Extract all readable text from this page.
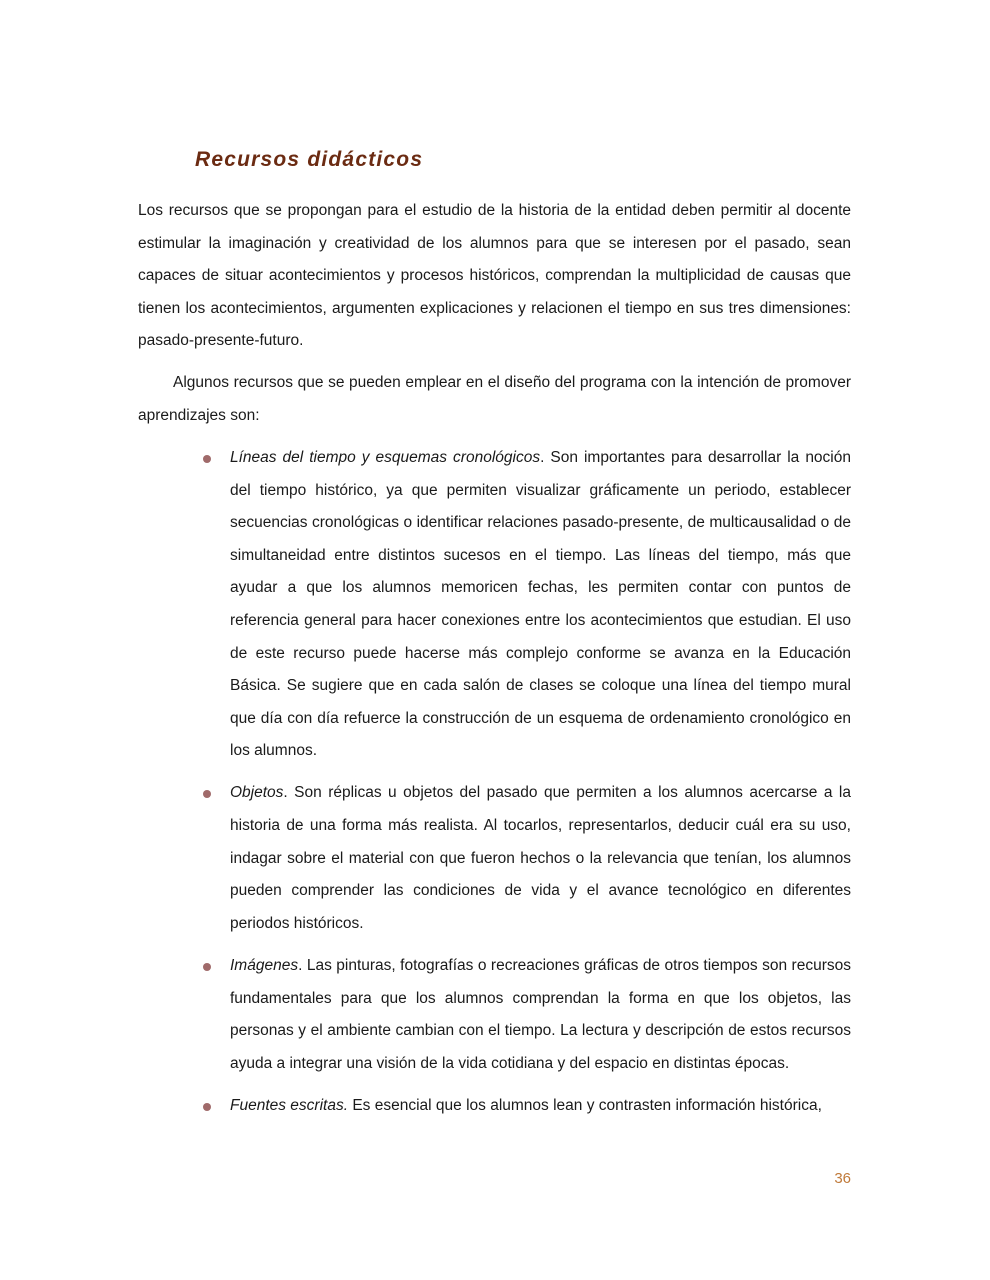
Recursos didácticos

Los recursos que se propongan para el estudio de la historia de la entidad deben permitir al docente estimular la imaginación y creatividad de los alumnos para que se interesen por el pasado, sean capaces de situar acontecimientos y procesos históricos, comprendan la multiplicidad de causas que tienen los acontecimientos, argumenten explicaciones y relacionen el tiempo en sus tres dimensiones: pasado-presente-futuro.

Algunos recursos que se pueden emplear en el diseño del programa con la intención de promover aprendizajes son:

Líneas del tiempo y esquemas cronológicos. Son importantes para desarrollar la noción del tiempo histórico, ya que permiten visualizar gráficamente un periodo, establecer secuencias cronológicas o identificar relaciones pasado-presente, de multicausalidad o de simultaneidad entre distintos sucesos en el tiempo. Las líneas del tiempo, más que ayudar a que los alumnos memoricen fechas, les permiten contar con puntos de referencia general para hacer conexiones entre los acontecimientos que estudian. El uso de este recurso puede hacerse más complejo conforme se avanza en la Educación Básica. Se sugiere que en cada salón de clases se coloque una línea del tiempo mural que día con día refuerce la construcción de un esquema de ordenamiento cronológico en los alumnos.
Objetos. Son réplicas u objetos del pasado que permiten a los alumnos acercarse a la historia de una forma más realista. Al tocarlos, representarlos, deducir cuál era su uso, indagar sobre el material con que fueron hechos o la relevancia que tenían, los alumnos pueden comprender las condiciones de vida y el avance tecnológico en diferentes periodos históricos.
Imágenes. Las pinturas, fotografías o recreaciones gráficas de otros tiempos son recursos fundamentales para que los alumnos comprendan la forma en que los objetos, las personas y el ambiente cambian con el tiempo. La lectura y descripción de estos recursos ayuda a integrar una visión de la vida cotidiana y del espacio en distintas épocas.
Fuentes escritas. Es esencial que los alumnos lean y contrasten información histórica,
36
